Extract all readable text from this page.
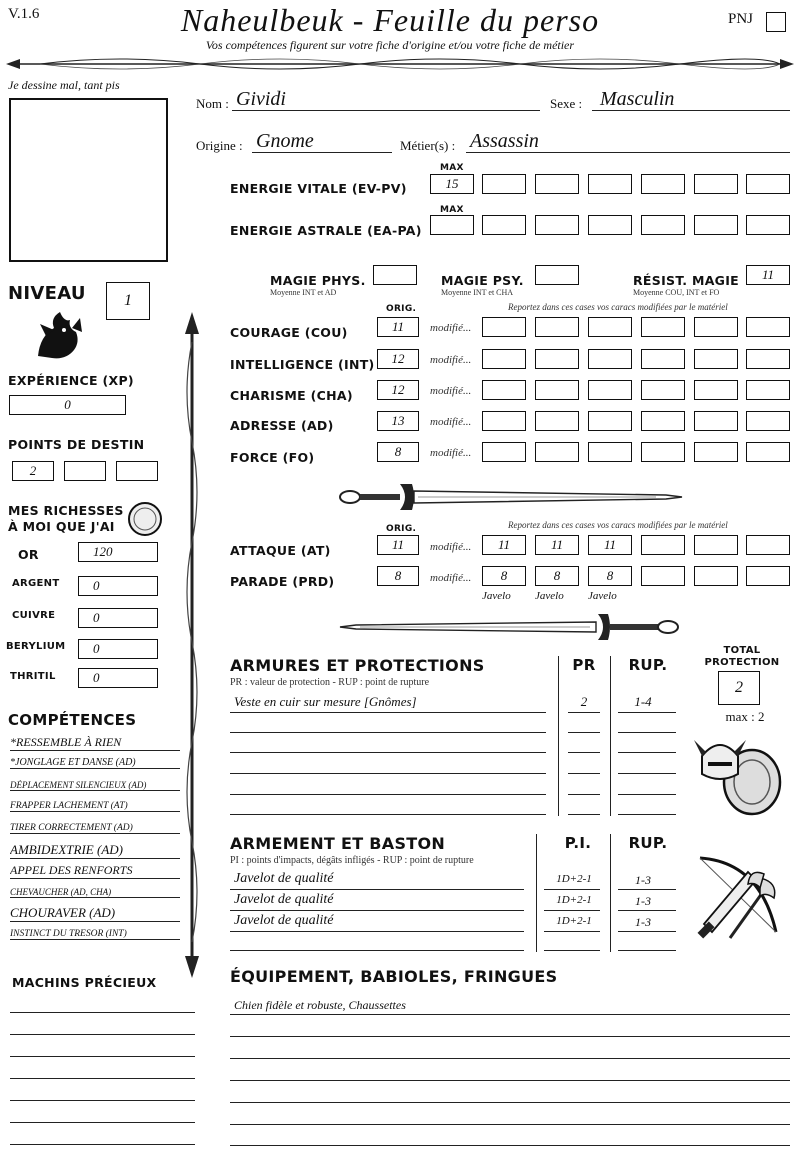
V.1.6	Naheulbeuk - Feuille du perso
Vos compétences figurent sur votre fiche d'origine et/ou votre fiche de métier
PNJ
Je dessine mal, tant pis
Nom : Gividi	Sexe : Masculin
Origine : Gnome	Métier(s) : Assassin
MAX
ENERGIE VITALE (EV-PV)	15
MAX
ENERGIE ASTRALE (EA-PA)
MAGIE PHYS.
Moyenne INT et AD
MAGIE PSY.
Moyenne INT et CHA
RÉSIST. MAGIE
Moyenne COU, INT et FO
11
NIVEAU	1
EXPÉRIENCE (XP)
0
POINTS DE DESTIN
2
MES RICHESSES
À MOI QUE J'AI
OR	120
ARGENT	0
CUIVRE	0
BERYLIUM	0
THRITIL	0
COMPÉTENCES
*RESSEMBLE À RIEN
*JONGLAGE ET DANSE (AD)
DÉPLACEMENT SILENCIEUX (AD)
FRAPPER LÂCHEMENT (AT)
TIRER CORRECTEMENT (AD)
AMBIDEXTRIE (AD)
APPEL DES RENFORTS
CHEVAUCHER (AD, CHA)
CHOURAVER (AD)
INSTINCT DU TRESOR (INT)
MACHINS PRÉCIEUX
ORIG.	Reportez dans ces cases vos caracs modifiées par le matériel
COURAGE (COU)	11	modifié...
INTELLIGENCE (INT)	12	modifié...
CHARISME (CHA)	12	modifié...
ADRESSE (AD)	13	modifié...
FORCE (FO)	8	modifié...
ORIG.	Reportez dans ces cases vos caracs modifiées par le matériel
ATTAQUE (AT)	11	modifié...	11	11	11
PARADE (PRD)	8	modifié...	8	8	8
Javelo Javelo Javelo
ARMURES ET PROTECTIONS
PR : valeur de protection - RUP : point de rupture
PR	RUP.
Veste en cuir sur mesure [Gnômes]	2	1-4
TOTAL
PROTECTION
2
max : 2
ARMEMENT ET BASTON
PI : points d'impacts, dégâts infligés - RUP : point de rupture
P.I.	RUP.
Javelot de qualité	1D+2-1	1-3
Javelot de qualité	1D+2-1	1-3
Javelot de qualité	1D+2-1	1-3
ÉQUIPEMENT, BABIOLES, FRINGUES
Chien fidèle et robuste, Chaussettes
